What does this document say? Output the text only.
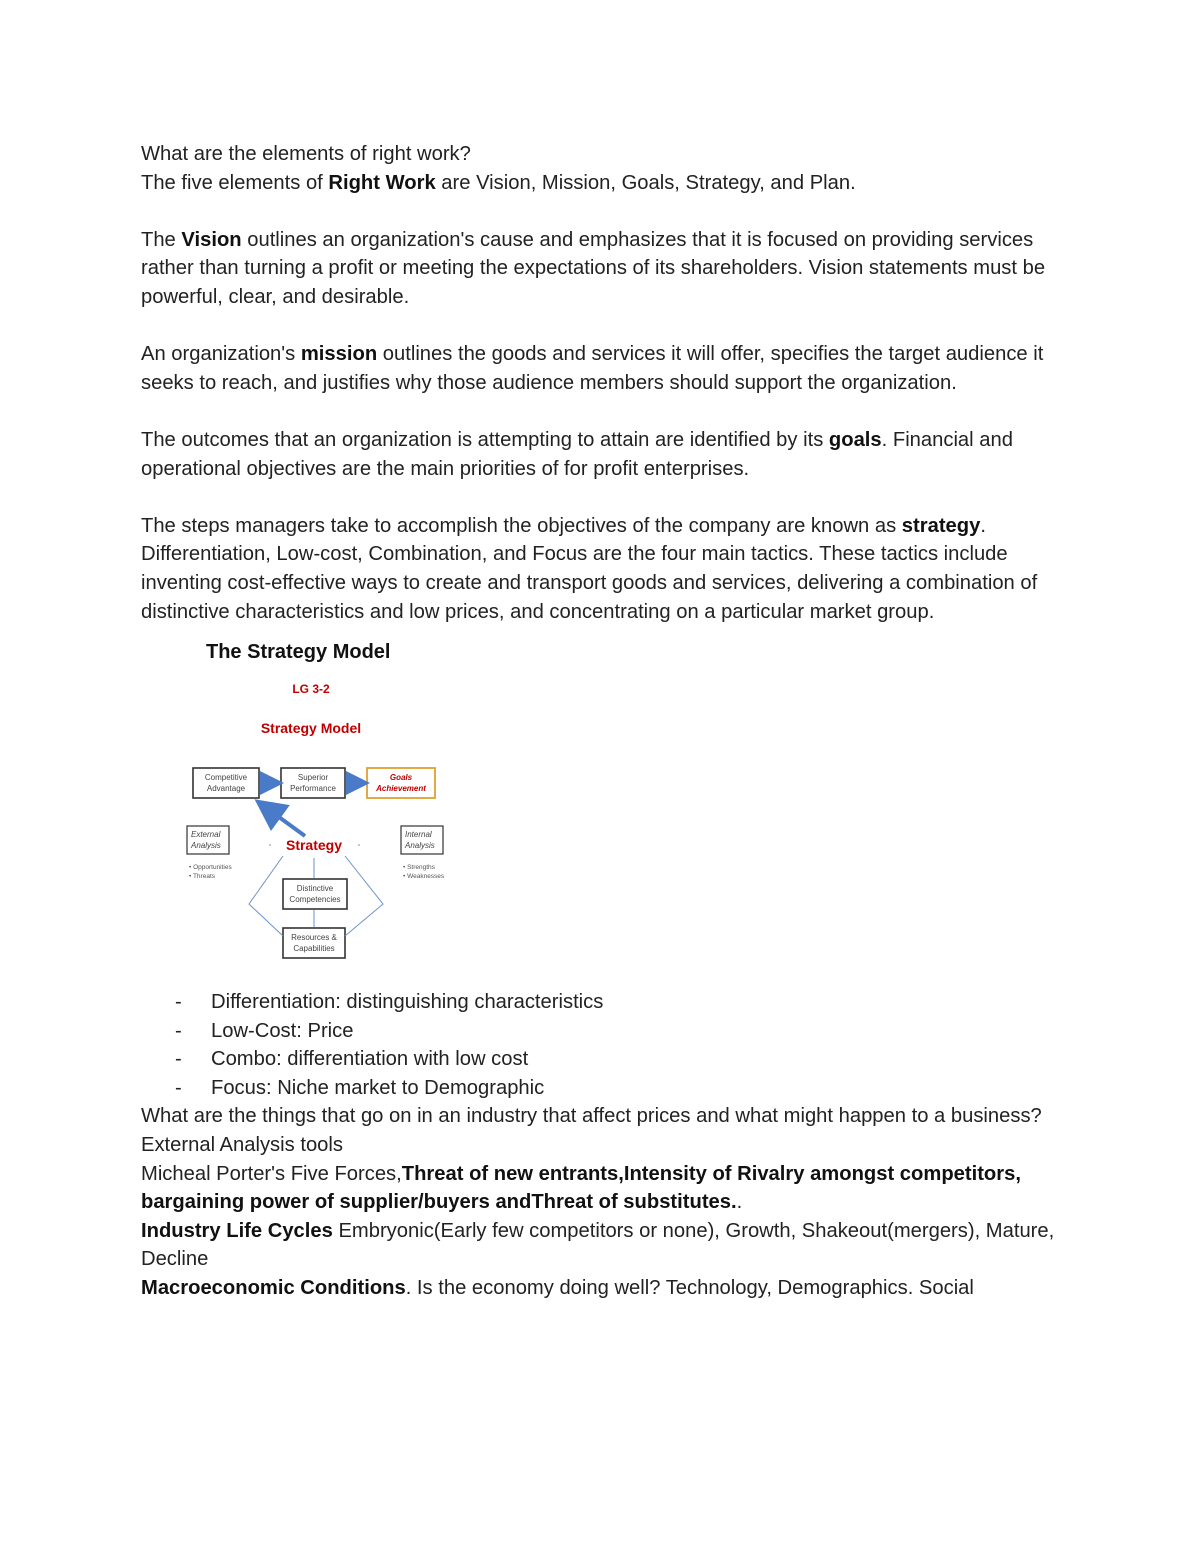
What are the elements of right work?

The five elements of Right Work are Vision, Mission, Goals, Strategy, and Plan.

The Vision outlines an organization's cause and emphasizes that it is focused on providing services rather than turning a profit or meeting the expectations of its shareholders. Vision statements must be powerful, clear, and desirable.

An organization's mission outlines the goods and services it will offer, specifies the target audience it seeks to reach, and justifies why those audience members should support the organization.

The outcomes that an organization is attempting to attain are identified by its goals. Financial and operational objectives are the main priorities of for profit enterprises.

The steps managers take to accomplish the objectives of the company are known as strategy. Differentiation, Low-cost, Combination, and Focus are the four main tactics. These tactics include inventing cost-effective ways to create and transport goods and services, delivering a combination of distinctive characteristics and low prices, and concentrating on a particular market group.

The Strategy Model
LG 3-2
Strategy Model
Competitive
Advantage
Superior
Performance
Goals
Achievement
External
Analysis
• Opportunities
• Threats
Strategy
Internal
Analysis
• Strengths
• Weaknesses
Distinctive
Competencies
Resources &
Capabilities
- Differentiation: distinguishing characteristics
- Low-Cost: Price
- Combo: differentiation with low cost
- Focus: Niche market to Demographic

What are the things that go on in an industry that affect prices and what might happen to a business?

External Analysis tools

Micheal Porter's Five Forces,Threat of new entrants,Intensity of Rivalry amongst competitors, bargaining power of supplier/buyers andThreat of substitutes..

Industry Life Cycles Embryonic(Early few competitors or none), Growth, Shakeout(mergers), Mature, Decline

Macroeconomic Conditions. Is the economy doing well? Technology, Demographics. Social
